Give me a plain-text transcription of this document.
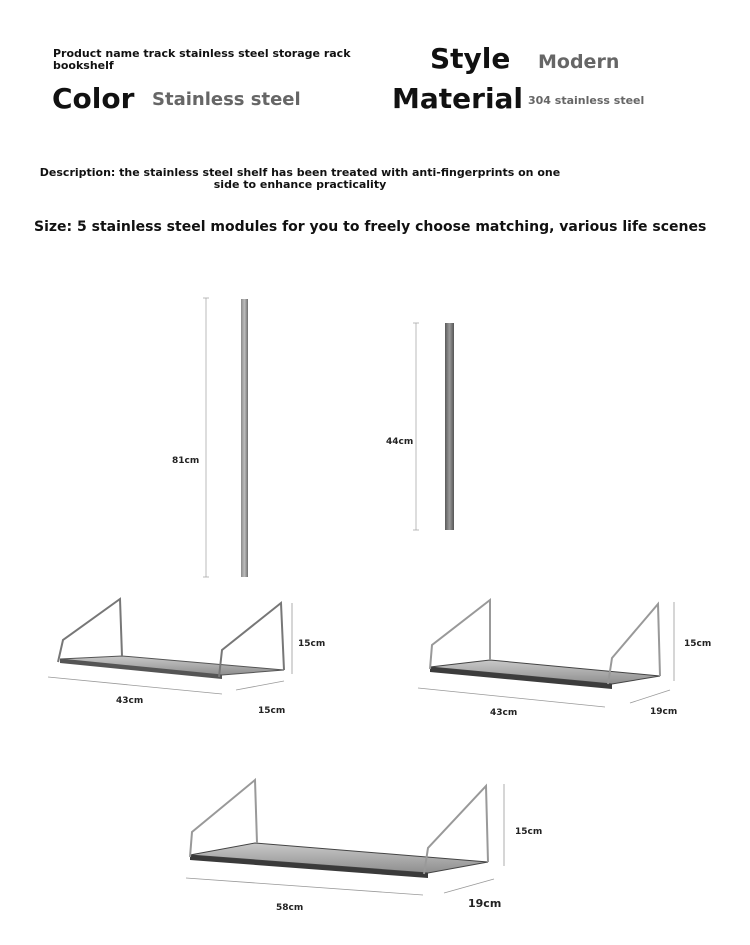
Product name track stainless steel storage rack bookshelf	Style Modern
Color Stainless steel	Material 304 stainless steel
Description: the stainless steel shelf has been treated with anti-fingerprints on one side to enhance practicality
Size: 5 stainless steel modules for you to freely choose matching, various life scenes
81cm
44cm
43cm
15cm
15cm
43cm	19cm
15cm
58cm	19cm
15cm
